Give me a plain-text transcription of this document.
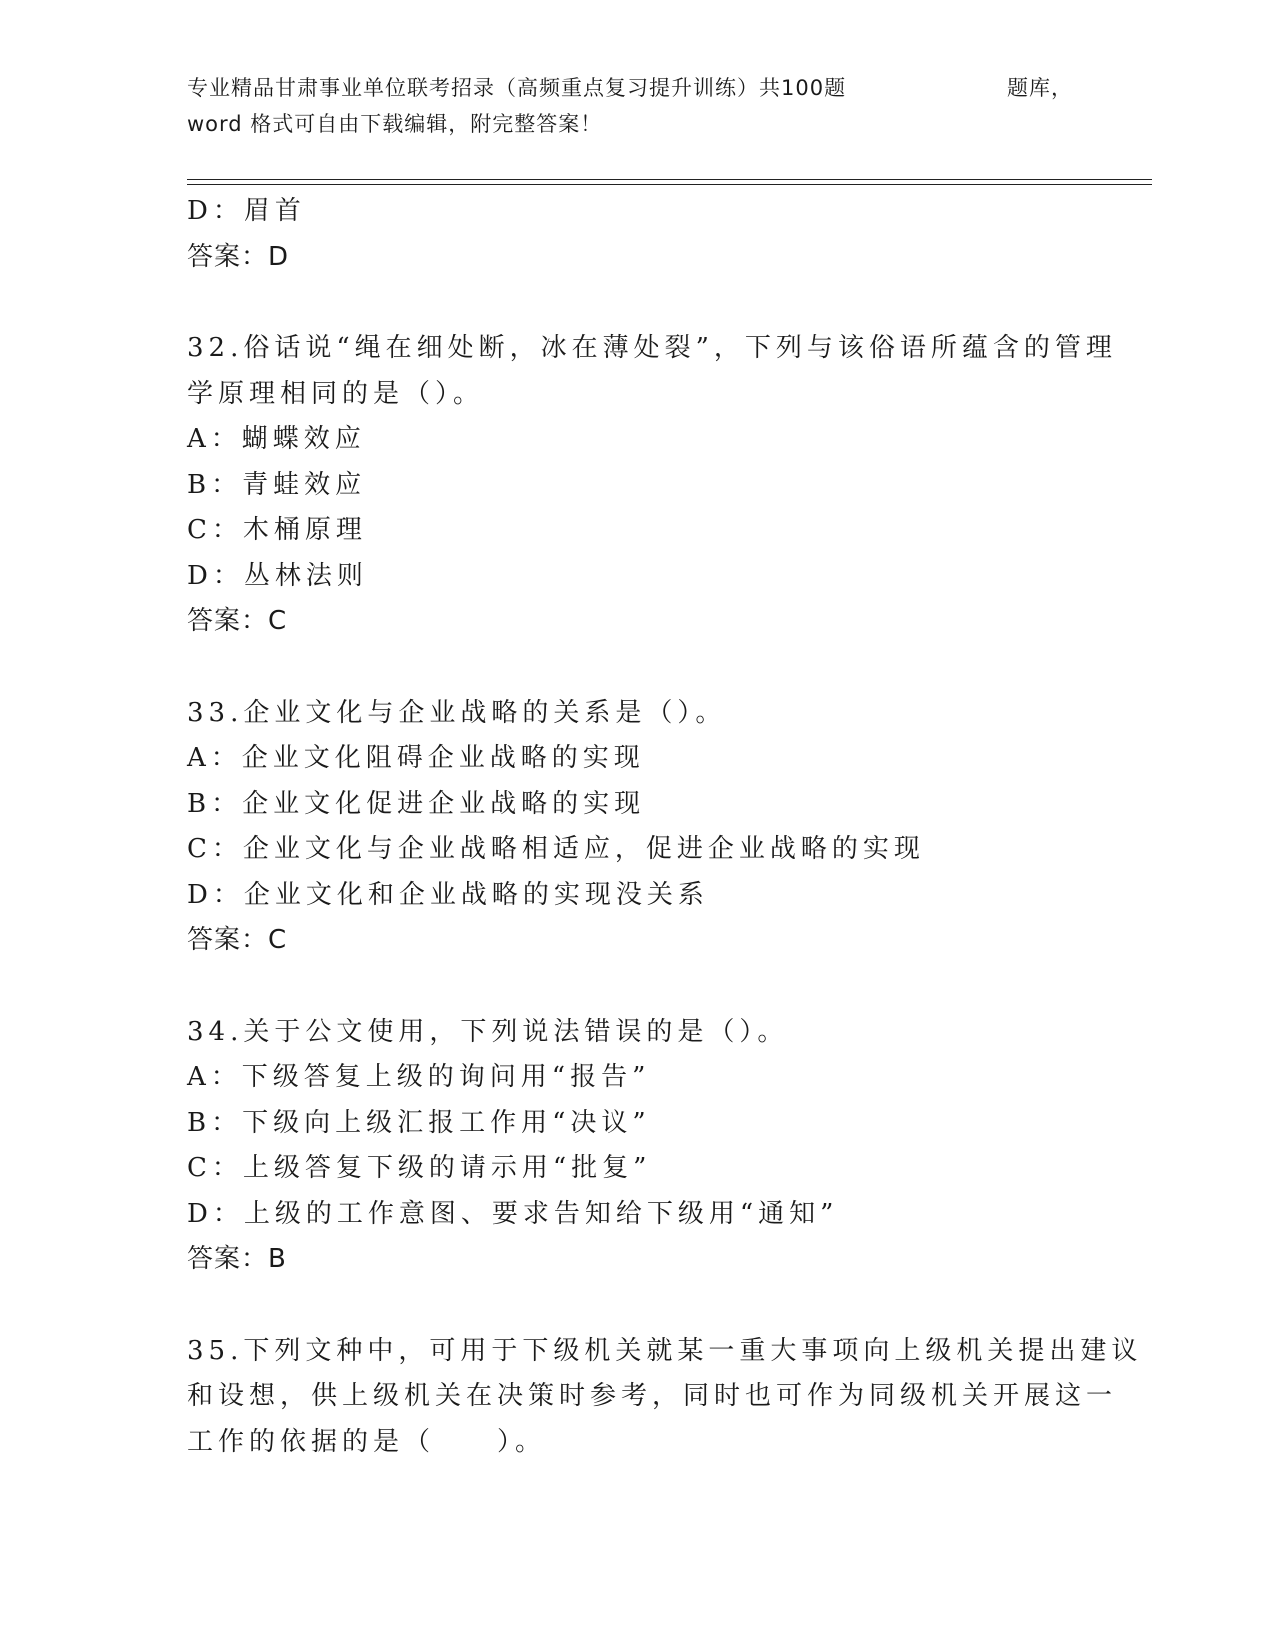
专业精品甘肃事业单位联考招录（高频重点复习提升训练）共100题	题库，
word 格式可自由下载编辑，附完整答案！
D：眉首
答案：D
32.俗话说“绳在细处断，冰在薄处裂”，下列与该俗语所蕴含的管理
学原理相同的是（）。
A：蝴蝶效应
B：青蛙效应
C：木桶原理
D：丛林法则
答案：C
33.企业文化与企业战略的关系是（）。
A：企业文化阻碍企业战略的实现
B：企业文化促进企业战略的实现
C：企业文化与企业战略相适应，促进企业战略的实现
D：企业文化和企业战略的实现没关系
答案：C
34.关于公文使用，下列说法错误的是（）。
A：下级答复上级的询问用“报告”
B：下级向上级汇报工作用“决议”
C：上级答复下级的请示用“批复”
D：上级的工作意图、要求告知给下级用“通知”
答案：B
35.下列文种中，可用于下级机关就某一重大事项向上级机关提出建议
和设想，供上级机关在决策时参考，同时也可作为同级机关开展这一
工作的依据的是（　　）。
